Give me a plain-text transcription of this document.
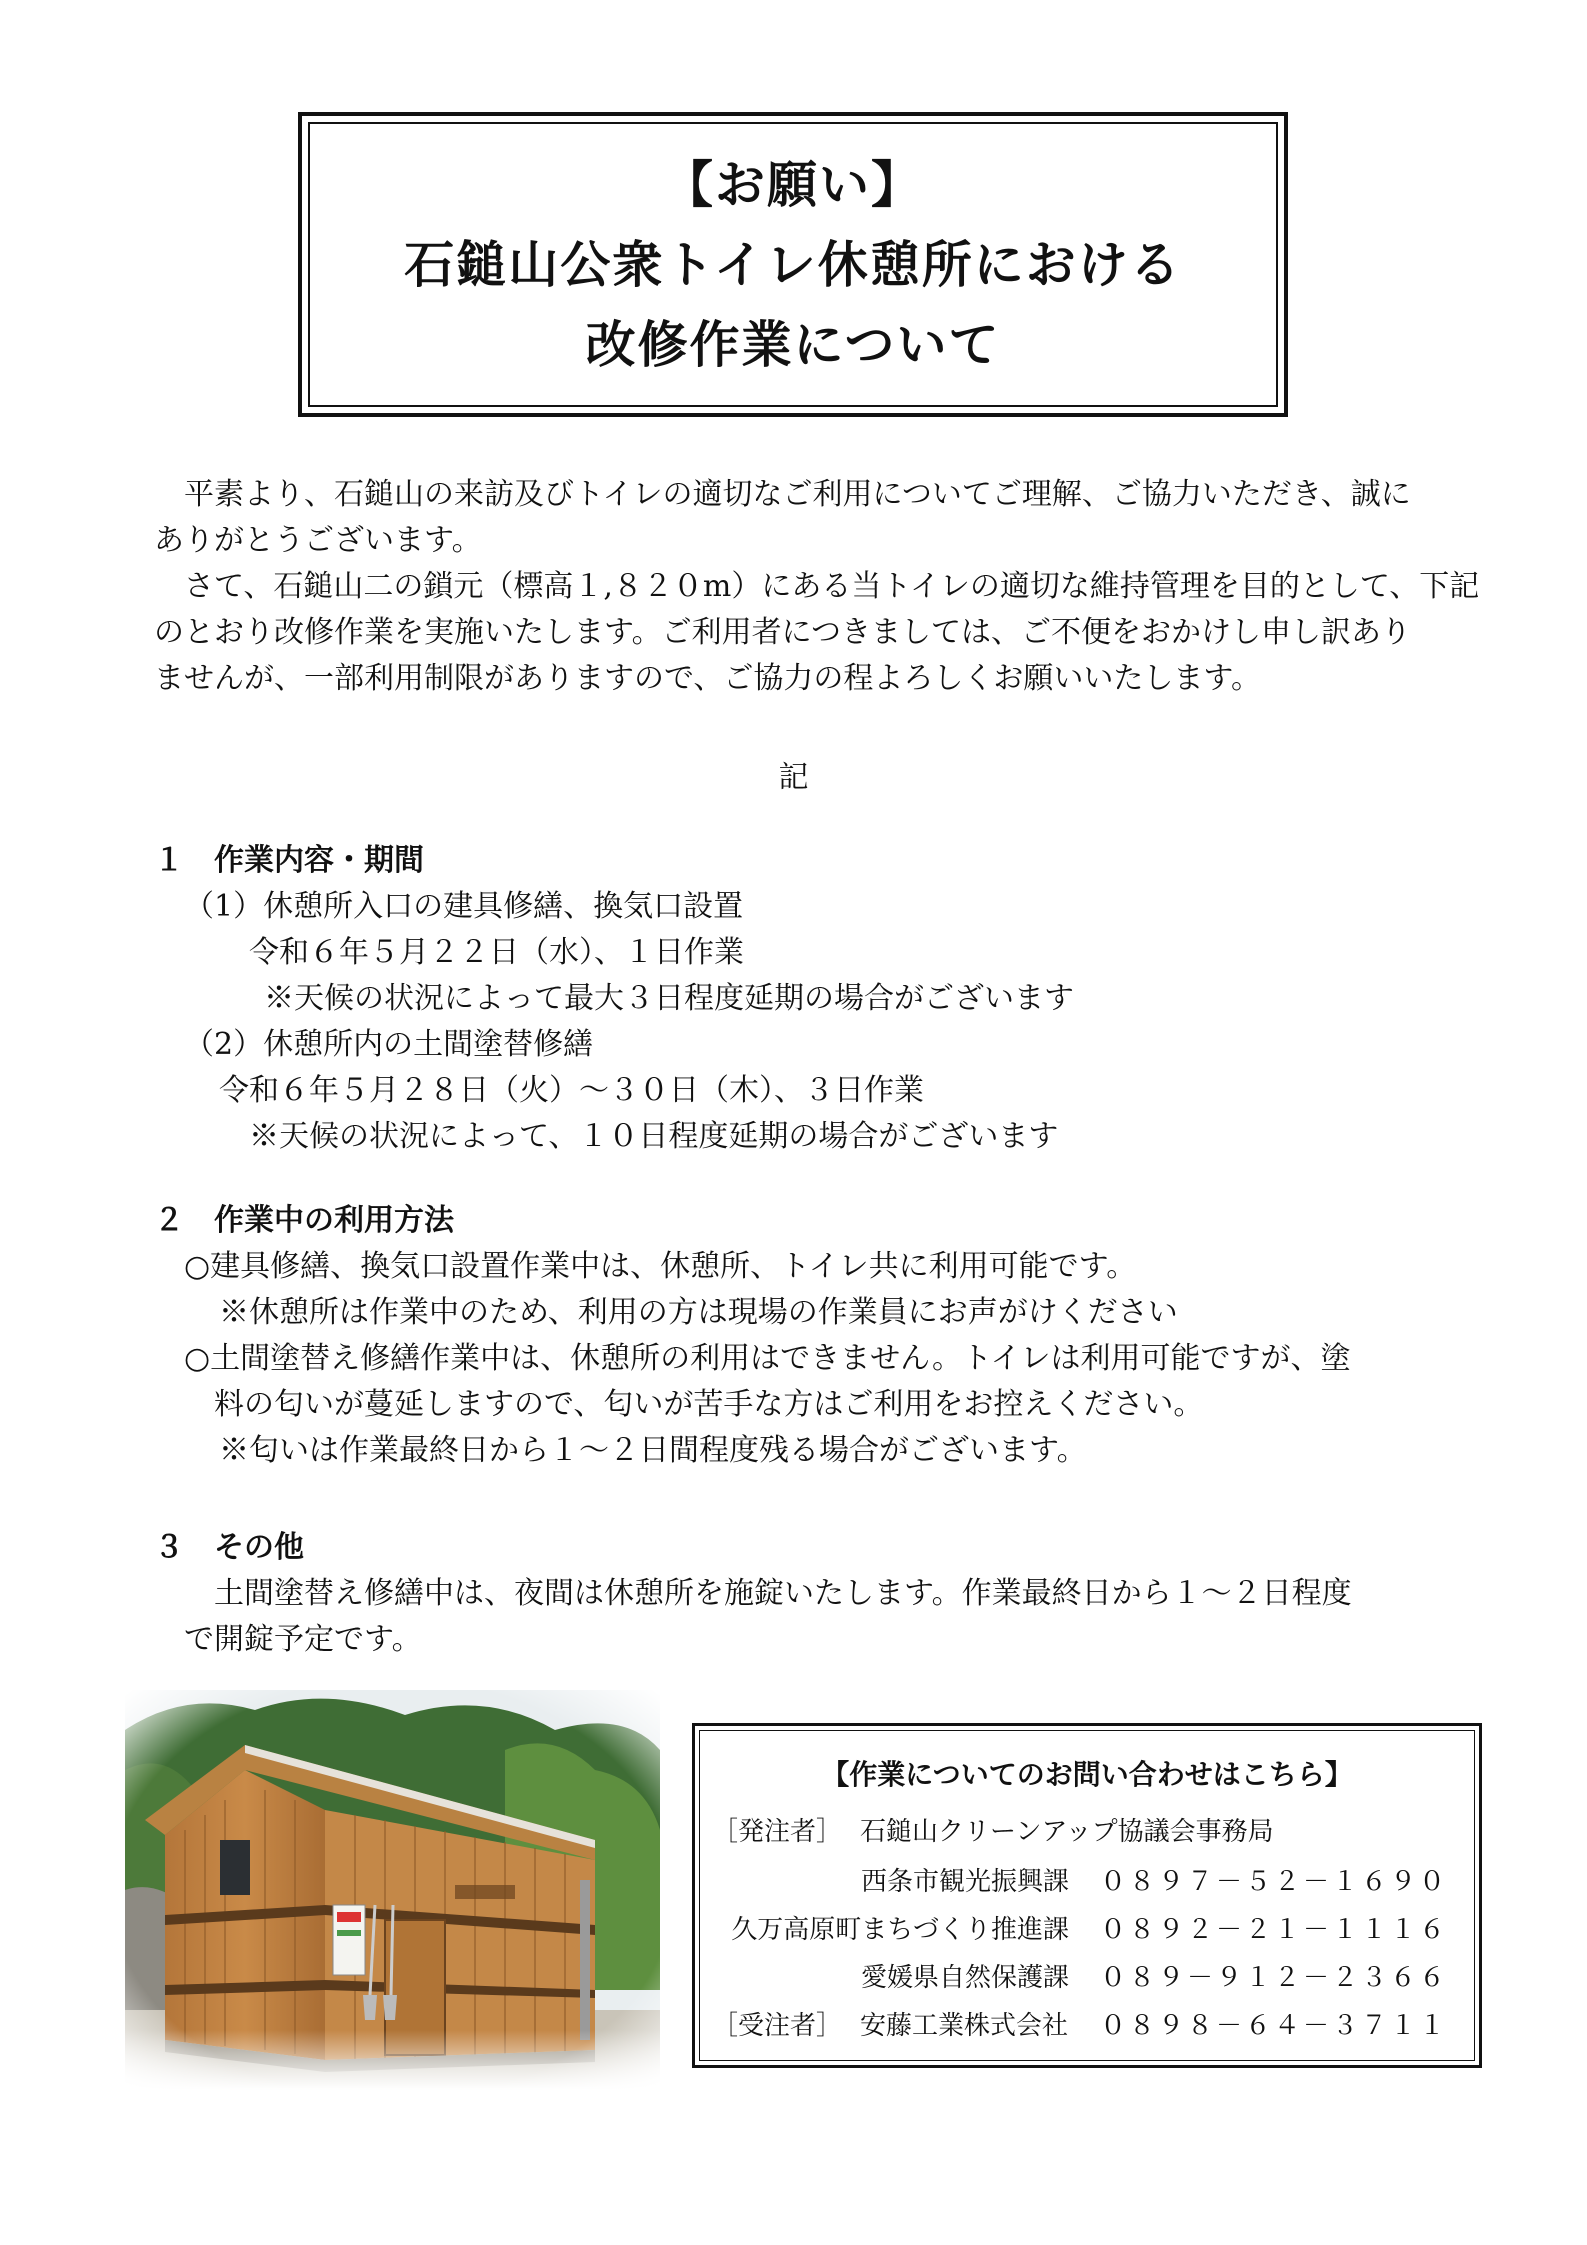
【お願い】
石鎚山公衆トイレ休憩所における
改修作業について

　平素より、石鎚山の来訪及びトイレの適切なご利用についてご理解、ご協力いただき、誠に
ありがとうございます。

　さて、石鎚山二の鎖元（標高１,８２０m）にある当トイレの適切な維持管理を目的として、下記
のとおり改修作業を実施いたします。ご利用者につきましては、ご不便をおかけし申し訳あり
ませんが、一部利用制限がありますので、ご協力の程よろしくお願いいたします。

記
１　作業内容・期間
（1）休憩所入口の建具修繕、換気口設置
令和６年５月２２日（水）、１日作業
※天候の状況によって最大３日程度延期の場合がございます
（2）休憩所内の土間塗替修繕
令和６年５月２８日（火）～３０日（木）、３日作業
※天候の状況によって、１０日程度延期の場合がございます
２　作業中の利用方法
○建具修繕、換気口設置作業中は、休憩所、トイレ共に利用可能です。
※休憩所は作業中のため、利用の方は現場の作業員にお声がけください
○土間塗替え修繕作業中は、休憩所の利用はできません。トイレは利用可能ですが、塗
料の匂いが蔓延しますので、匂いが苦手な方はご利用をお控えください。
※匂いは作業最終日から１～２日間程度残る場合がございます。
３　その他
土間塗替え修繕中は、夜間は休憩所を施錠いたします。作業最終日から１～２日程度
で開錠予定です。
【作業についてのお問い合わせはこちら】
［発注者］ 石鎚山クリーンアップ協議会事務局
西条市観光振興課 ０８９７－５２－１６９０
久万高原町まちづくり推進課 ０８９２－２１－１１１６
愛媛県自然保護課 ０８９－９１２－２３６６
［受注者］ 安藤工業株式会社 ０８９８－６４－３７１１
